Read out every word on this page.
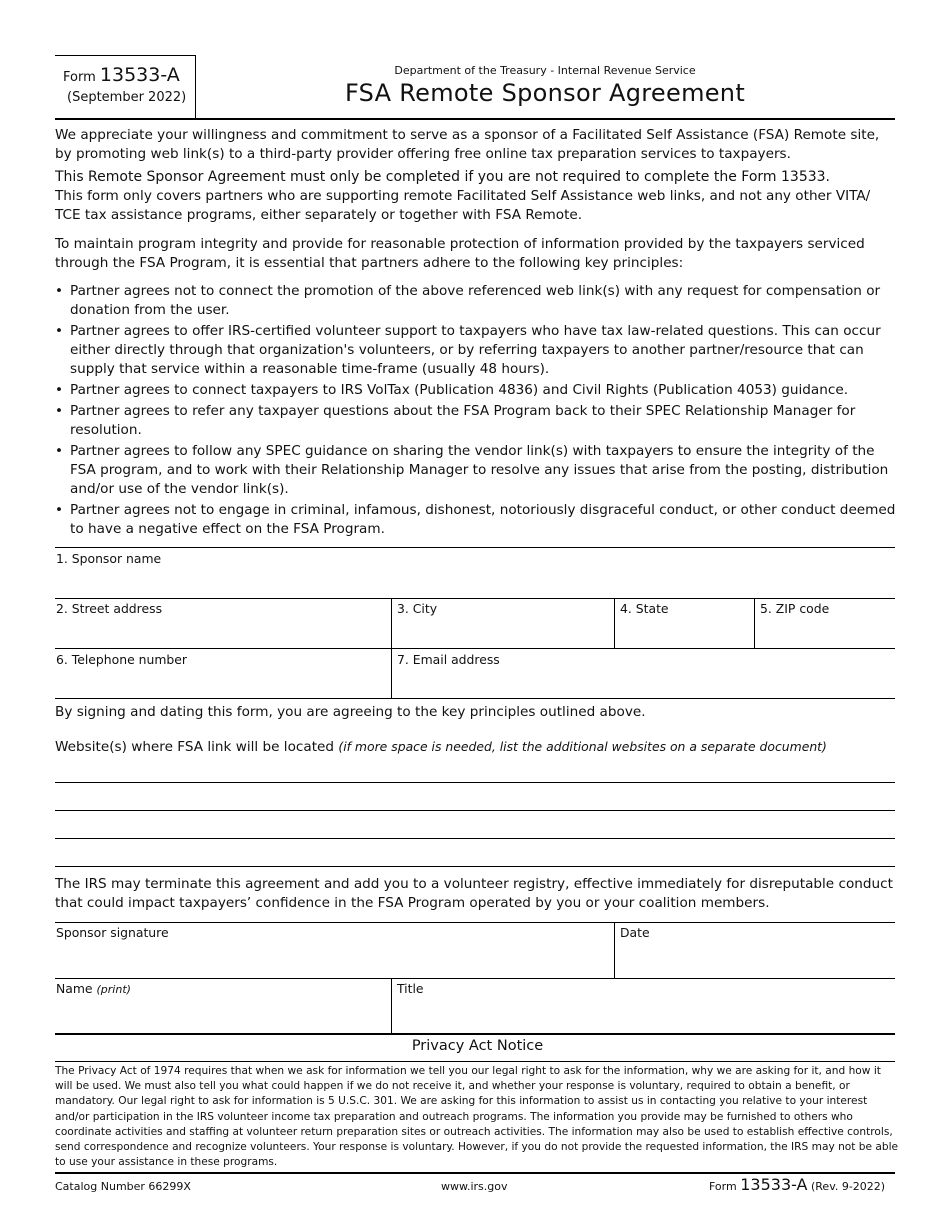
Form 13533-A
(September 2022)
Department of the Treasury - Internal Revenue Service
FSA Remote Sponsor Agreement
We appreciate your willingness and commitment to serve as a sponsor of a Facilitated Self Assistance (FSA) Remote site, by promoting web link(s) to a third-party provider offering free online tax preparation services to taxpayers.
This Remote Sponsor Agreement must only be completed if you are not required to complete the Form 13533.
This form only covers partners who are supporting remote Facilitated Self Assistance web links, and not any other VITA/ TCE tax assistance programs, either separately or together with FSA Remote.
To maintain program integrity and provide for reasonable protection of information provided by the taxpayers serviced through the FSA Program, it is essential that partners adhere to the following key principles:
• Partner agrees not to connect the promotion of the above referenced web link(s) with any request for compensation or donation from the user.
• Partner agrees to offer IRS-certified volunteer support to taxpayers who have tax law-related questions. This can occur either directly through that organization's volunteers, or by referring taxpayers to another partner/resource that can supply that service within a reasonable time-frame (usually 48 hours).
• Partner agrees to connect taxpayers to IRS VolTax (Publication 4836) and Civil Rights (Publication 4053) guidance.
• Partner agrees to refer any taxpayer questions about the FSA Program back to their SPEC Relationship Manager for resolution.
• Partner agrees to follow any SPEC guidance on sharing the vendor link(s) with taxpayers to ensure the integrity of the FSA program, and to work with their Relationship Manager to resolve any issues that arise from the posting, distribution and/or use of the vendor link(s).
• Partner agrees not to engage in criminal, infamous, dishonest, notoriously disgraceful conduct, or other conduct deemed to have a negative effect on the FSA Program.
1. Sponsor name
2. Street address	3. City	4. State	5. ZIP code
6. Telephone number	7. Email address
By signing and dating this form, you are agreeing to the key principles outlined above.
Website(s) where FSA link will be located (if more space is needed, list the additional websites on a separate document)
The IRS may terminate this agreement and add you to a volunteer registry, effective immediately for disreputable conduct that could impact taxpayers’ confidence in the FSA Program operated by you or your coalition members.
Sponsor signature	Date
Name (print)	Title
Privacy Act Notice
The Privacy Act of 1974 requires that when we ask for information we tell you our legal right to ask for the information, why we are asking for it, and how it will be used. We must also tell you what could happen if we do not receive it, and whether your response is voluntary, required to obtain a benefit, or mandatory. Our legal right to ask for information is 5 U.S.C. 301. We are asking for this information to assist us in contacting you relative to your interest and/or participation in the IRS volunteer income tax preparation and outreach programs. The information you provide may be furnished to others who coordinate activities and staffing at volunteer return preparation sites or outreach activities. The information may also be used to establish effective controls, send correspondence and recognize volunteers. Your response is voluntary. However, if you do not provide the requested information, the IRS may not be able to use your assistance in these programs.
Catalog Number 66299X	www.irs.gov	Form 13533-A (Rev. 9-2022)
